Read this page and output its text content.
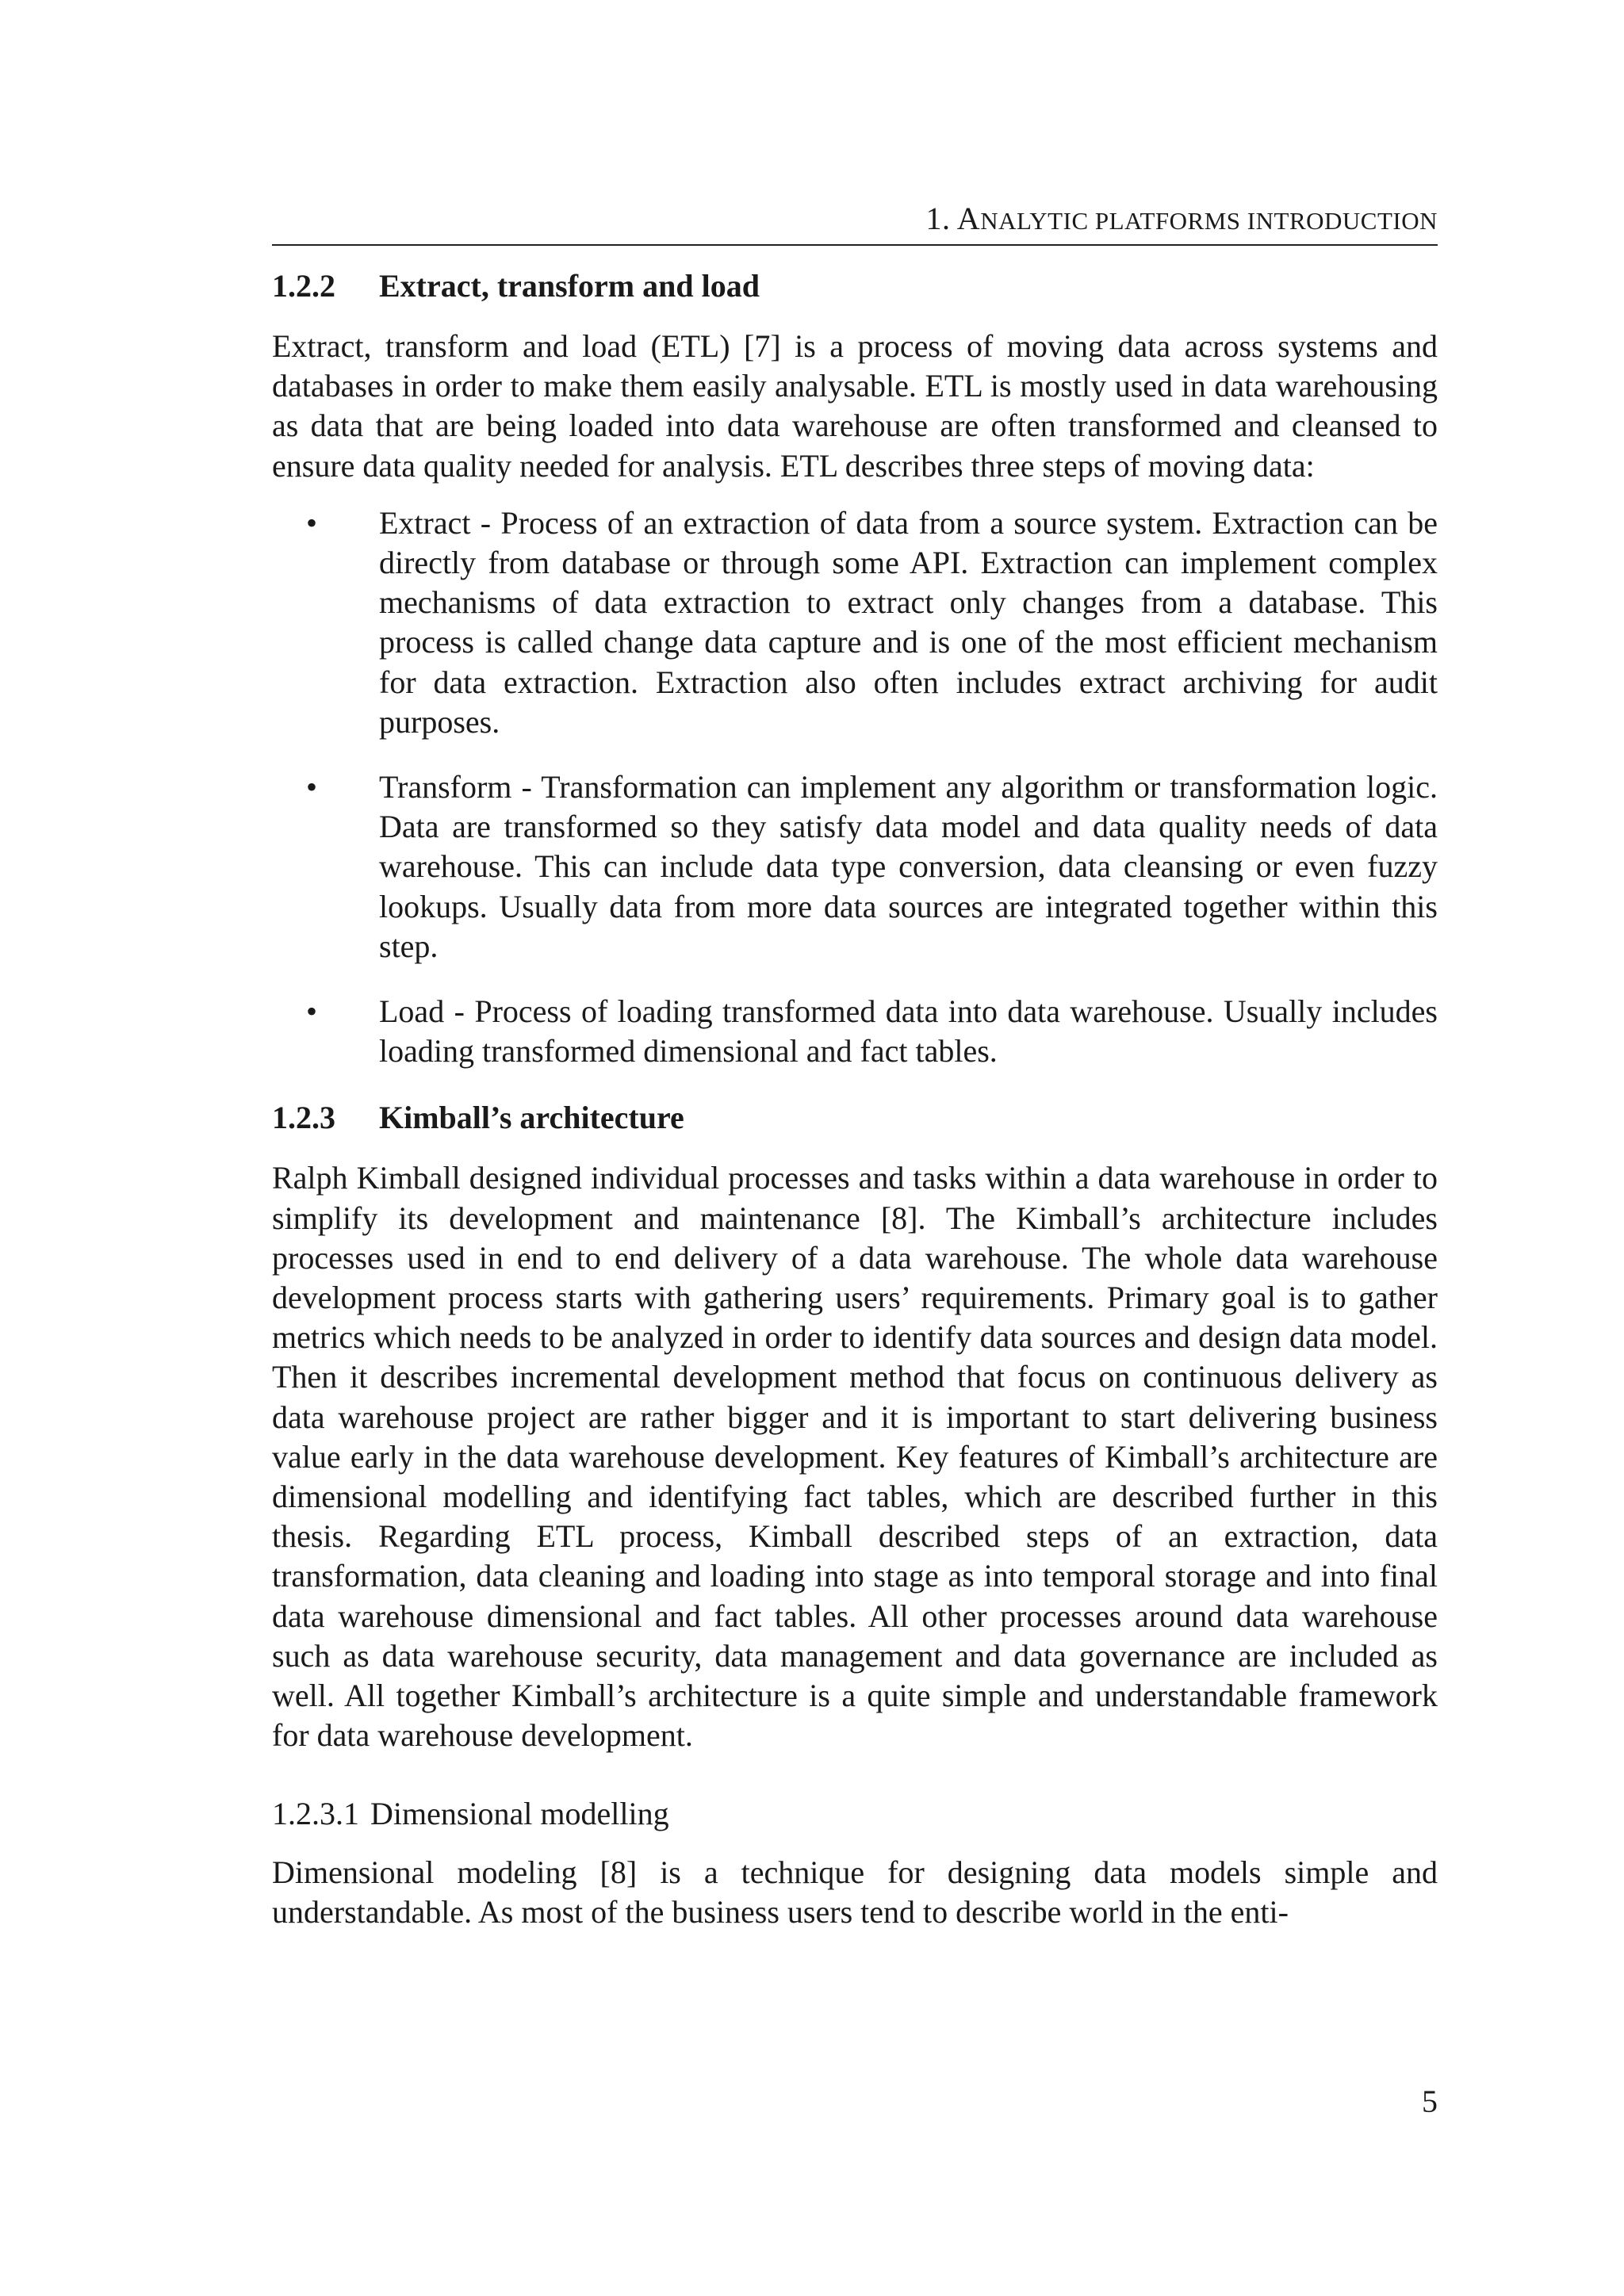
1. ANALYTIC PLATFORMS INTRODUCTION
1.2.2	Extract, transform and load

Extract, transform and load (ETL) [7] is a process of moving data across systems and databases in order to make them easily analysable. ETL is mostly used in data warehousing as data that are being loaded into data warehouse are often transformed and cleansed to ensure data quality needed for analysis. ETL describes three steps of moving data:

•	Extract - Process of an extraction of data from a source system. Extraction can be directly from database or through some API. Extraction can implement complex mechanisms of data extraction to extract only changes from a database. This process is called change data capture and is one of the most efficient mechanism for data extraction. Extraction also often includes extract archiving for audit purposes.
•	Transform - Transformation can implement any algorithm or transformation logic. Data are transformed so they satisfy data model and data quality needs of data warehouse. This can include data type conversion, data cleansing or even fuzzy lookups. Usually data from more data sources are integrated together within this step.
•	Load - Process of loading transformed data into data warehouse. Usually includes loading transformed dimensional and fact tables.
1.2.3	Kimball’s architecture

Ralph Kimball designed individual processes and tasks within a data warehouse in order to simplify its development and maintenance [8]. The Kimball’s architecture includes processes used in end to end delivery of a data warehouse. The whole data warehouse development process starts with gathering users’ requirements. Primary goal is to gather metrics which needs to be analyzed in order to identify data sources and design data model. Then it describes incremental development method that focus on continuous delivery as data warehouse project are rather bigger and it is important to start delivering business value early in the data warehouse development. Key features of Kimball’s architecture are dimensional modelling and identifying fact tables, which are described further in this thesis. Regarding ETL process, Kimball described steps of an extraction, data transformation, data cleaning and loading into stage as into temporal storage and into final data warehouse dimensional and fact tables. All other processes around data warehouse such as data warehouse security, data management and data governance are included as well. All together Kimball’s architecture is a quite simple and understandable framework for data warehouse development.

1.2.3.1 Dimensional modelling

Dimensional modeling [8] is a technique for designing data models simple and understandable. As most of the business users tend to describe world in the enti-

5
